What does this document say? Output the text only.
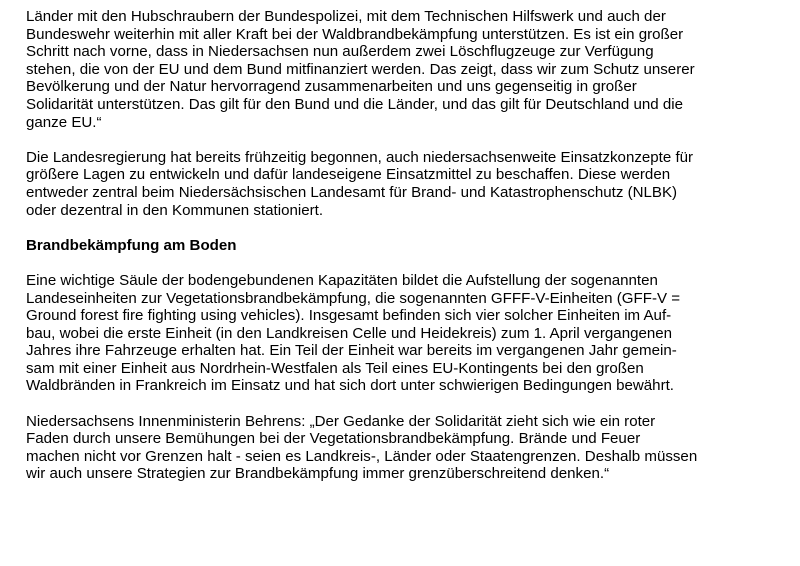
Länder mit den Hubschraubern der Bundespolizei, mit dem Technischen Hilfswerk und auch der
Bundeswehr weiterhin mit aller Kraft bei der Waldbrandbekämpfung unterstützen. Es ist ein großer
Schritt nach vorne, dass in Niedersachsen nun außerdem zwei Löschflugzeuge zur Verfügung
stehen, die von der EU und dem Bund mitfinanziert werden. Das zeigt, dass wir zum Schutz unserer
Bevölkerung und der Natur hervorragend zusammenarbeiten und uns gegenseitig in großer
Solidarität unterstützen. Das gilt für den Bund und die Länder, und das gilt für Deutschland und die
ganze EU.“

Die Landesregierung hat bereits frühzeitig begonnen, auch niedersachsenweite Einsatzkonzepte für
größere Lagen zu entwickeln und dafür landeseigene Einsatzmittel zu beschaffen. Diese werden
entweder zentral beim Niedersächsischen Landesamt für Brand- und Katastrophenschutz (NLBK)
oder dezentral in den Kommunen stationiert.

Brandbekämpfung am Boden

Eine wichtige Säule der bodengebundenen Kapazitäten bildet die Aufstellung der sogenannten
Landeseinheiten zur Vegetationsbrandbekämpfung, die sogenannten GFFF-V-Einheiten (GFF-V =
Ground forest fire fighting using vehicles). Insgesamt befinden sich vier solcher Einheiten im Auf-
bau, wobei die erste Einheit (in den Landkreisen Celle und Heidekreis) zum 1. April vergangenen
Jahres ihre Fahrzeuge erhalten hat. Ein Teil der Einheit war bereits im vergangenen Jahr gemein-
sam mit einer Einheit aus Nordrhein-Westfalen als Teil eines EU-Kontingents bei den großen
Waldbränden in Frankreich im Einsatz und hat sich dort unter schwierigen Bedingungen bewährt.

Niedersachsens Innenministerin Behrens: „Der Gedanke der Solidarität zieht sich wie ein roter
Faden durch unsere Bemühungen bei der Vegetationsbrandbekämpfung. Brände und Feuer
machen nicht vor Grenzen halt - seien es Landkreis-, Länder oder Staatengrenzen. Deshalb müssen
wir auch unsere Strategien zur Brandbekämpfung immer grenzüberschreitend denken.“
